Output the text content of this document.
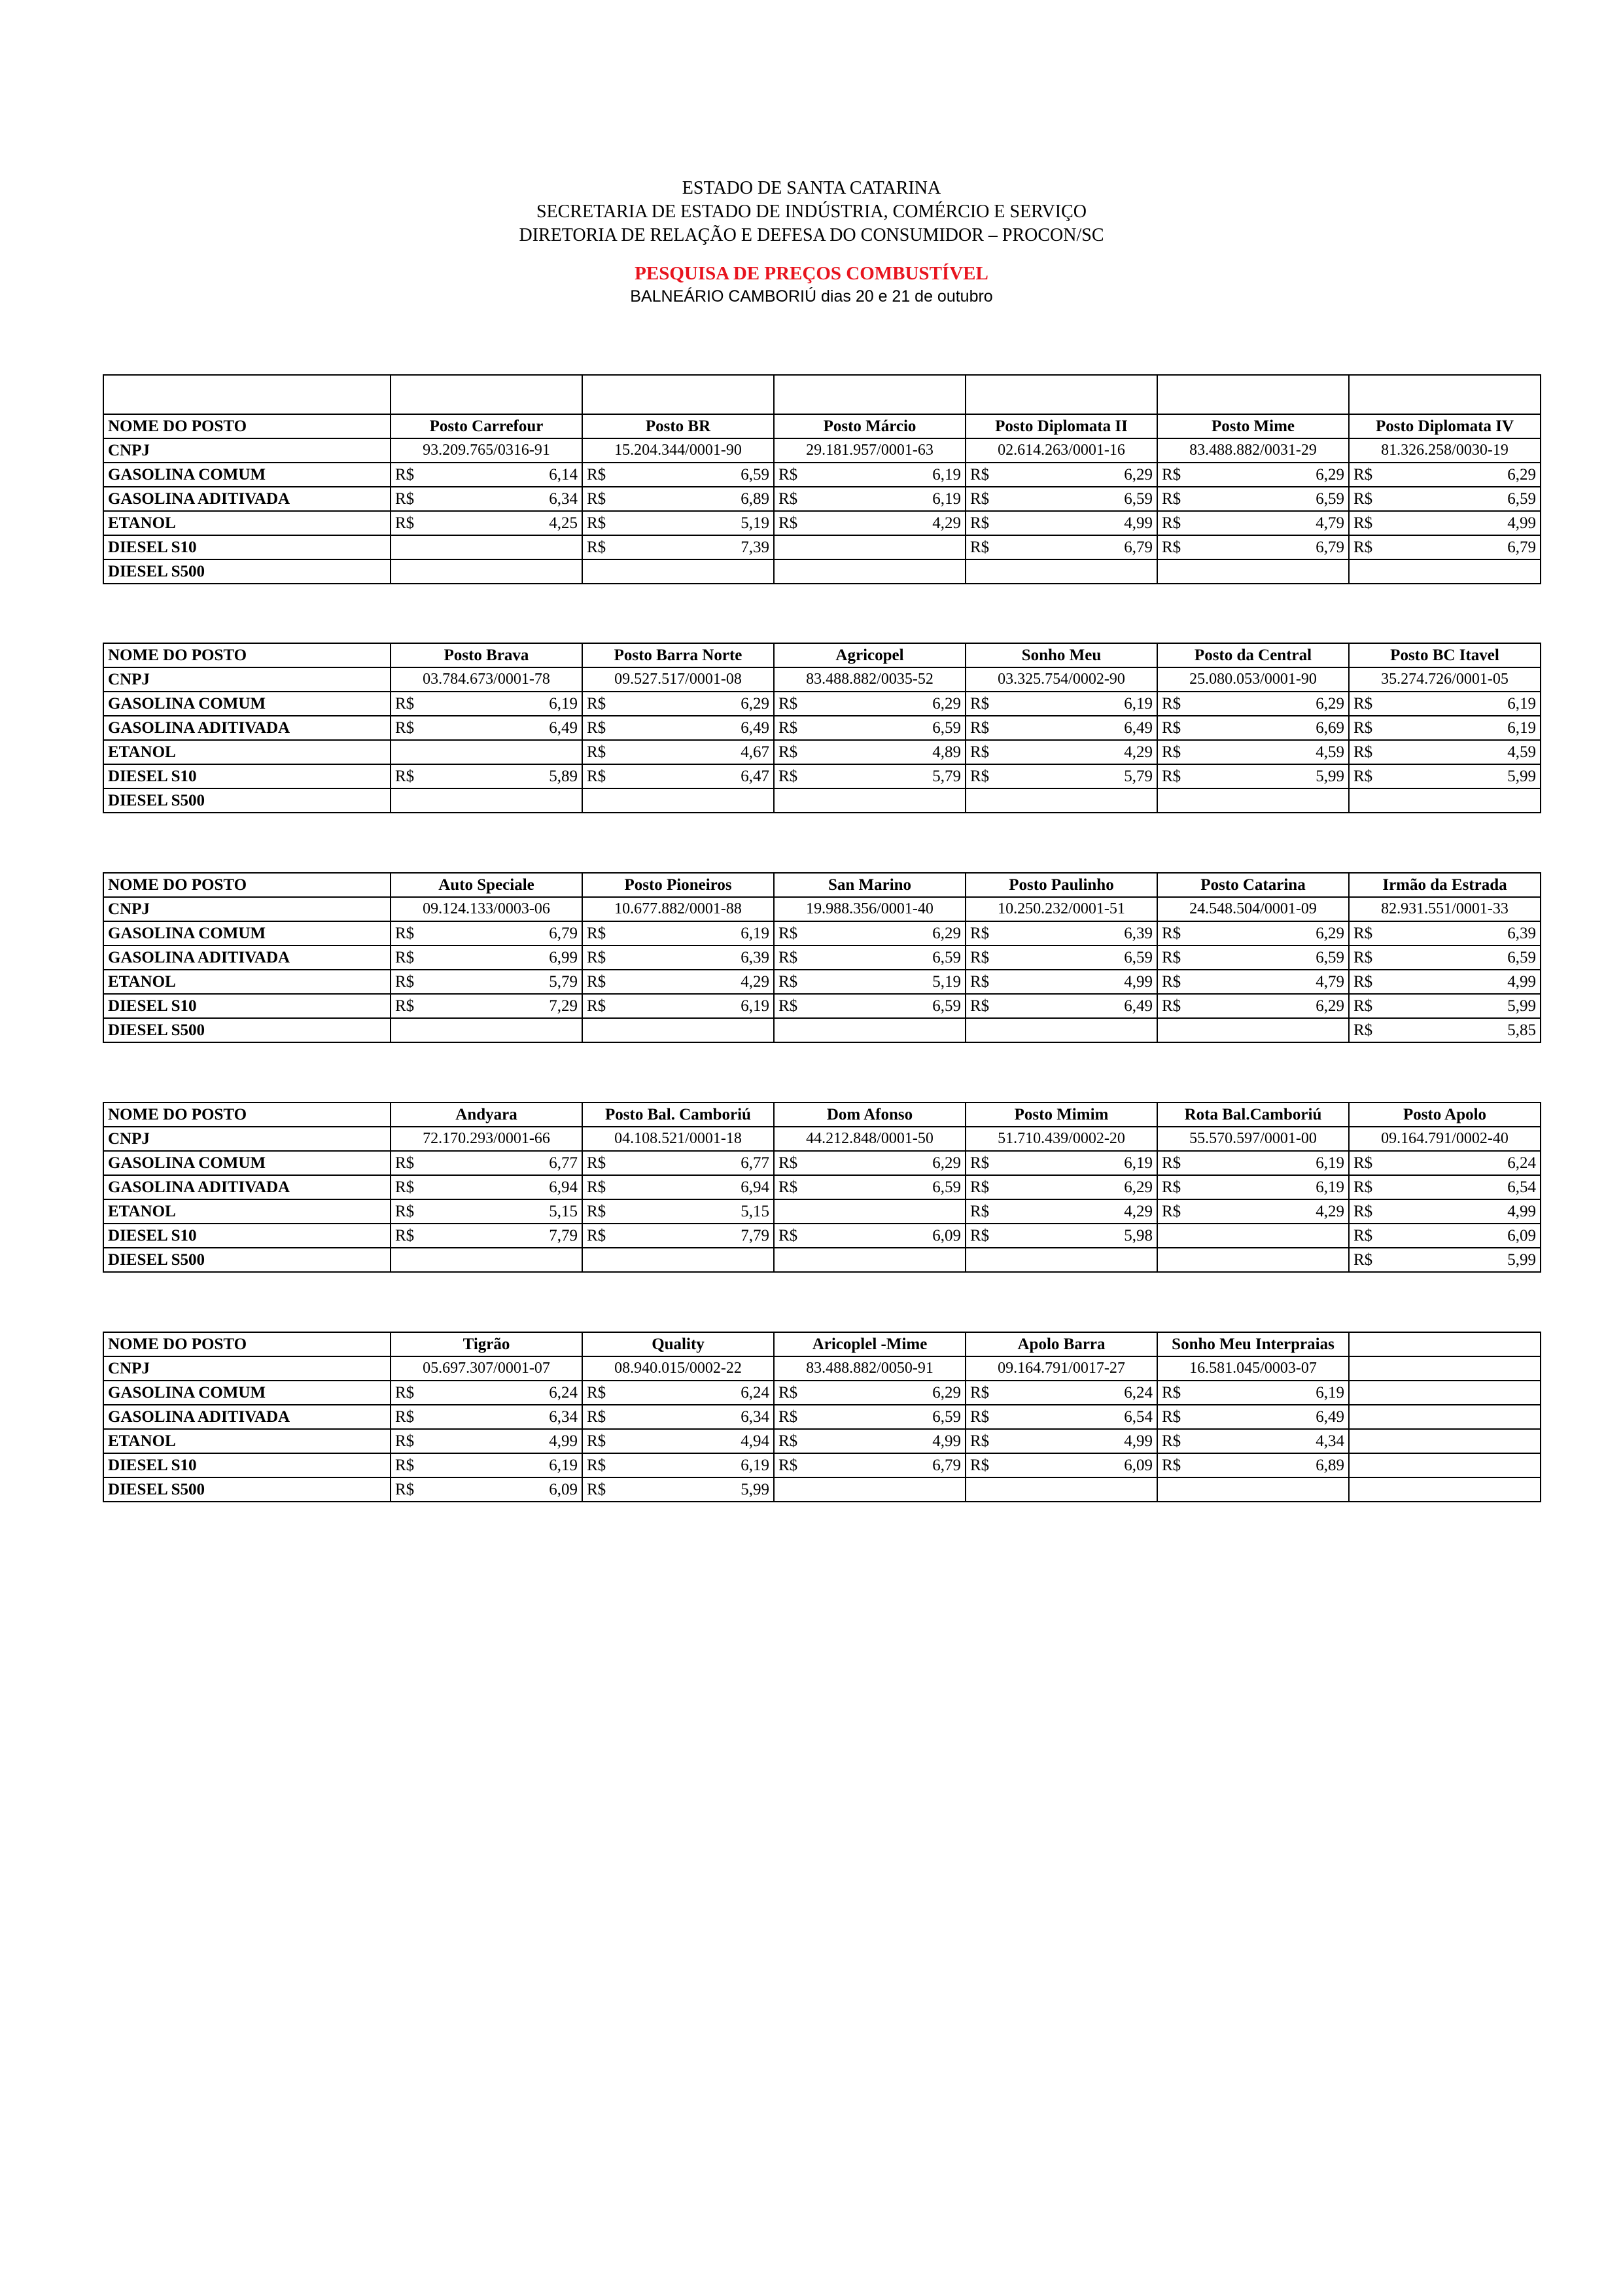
ESTADO DE SANTA CATARINA
SECRETARIA DE ESTADO DE INDÚSTRIA, COMÉRCIO E SERVIÇO
DIRETORIA DE RELAÇÃO E DEFESA DO CONSUMIDOR – PROCON/SC
PESQUISA DE PREÇOS COMBUSTÍVEL
BALNEÁRIO CAMBORIÚ dias 20 e 21 de outubro

NOME DO POSTO	Posto Carrefour	Posto BR	Posto Márcio	Posto Diplomata II	Posto Mime	Posto Diplomata IV
CNPJ	93.209.765/0316-91	15.204.344/0001-90	29.181.957/0001-63	02.614.263/0001-16	83.488.882/0031-29	81.326.258/0030-19
GASOLINA COMUM	R$ 6,14	R$ 6,59	R$ 6,19	R$ 6,29	R$ 6,29	R$ 6,29

GASOLINA ADITIVADA	R$ 6,34	R$ 6,89	R$ 6,19	R$ 6,59	R$ 6,59	R$ 6,59

ETANOL	R$ 4,25	R$ 5,19	R$ 4,29	R$ 4,99	R$ 4,79	R$ 4,99

DIESEL S10		R$ 7,39		R$ 6,79	R$ 6,79	R$ 6,79

DIESEL S500						
NOME DO POSTO	Posto Brava	Posto Barra Norte	Agricopel	Sonho Meu	Posto da Central	Posto BC Itavel
CNPJ	03.784.673/0001-78	09.527.517/0001-08	83.488.882/0035-52	03.325.754/0002-90	25.080.053/0001-90	35.274.726/0001-05
GASOLINA COMUM	R$ 6,19	R$ 6,29	R$ 6,29	R$ 6,19	R$ 6,29	R$ 6,19

GASOLINA ADITIVADA	R$ 6,49	R$ 6,49	R$ 6,59	R$ 6,49	R$ 6,69	R$ 6,19

ETANOL		R$ 4,67	R$ 4,89	R$ 4,29	R$ 4,59	R$ 4,59

DIESEL S10	R$ 5,89	R$ 6,47	R$ 5,79	R$ 5,79	R$ 5,99	R$ 5,99

DIESEL S500						
NOME DO POSTO	Auto Speciale	Posto Pioneiros	San Marino	Posto Paulinho	Posto Catarina	Irmão da Estrada
CNPJ	09.124.133/0003-06	10.677.882/0001-88	19.988.356/0001-40	10.250.232/0001-51	24.548.504/0001-09	82.931.551/0001-33
GASOLINA COMUM	R$ 6,79	R$ 6,19	R$ 6,29	R$ 6,39	R$ 6,29	R$ 6,39

GASOLINA ADITIVADA	R$ 6,99	R$ 6,39	R$ 6,59	R$ 6,59	R$ 6,59	R$ 6,59

ETANOL	R$ 5,79	R$ 4,29	R$ 5,19	R$ 4,99	R$ 4,79	R$ 4,99

DIESEL S10	R$ 7,29	R$ 6,19	R$ 6,59	R$ 6,49	R$ 6,29	R$ 5,99

DIESEL S500						R$ 5,85
NOME DO POSTO	Andyara	Posto Bal. Camboriú	Dom Afonso	Posto Mimim	Rota Bal.Camboriú	Posto Apolo
CNPJ	72.170.293/0001-66	04.108.521/0001-18	44.212.848/0001-50	51.710.439/0002-20	55.570.597/0001-00	09.164.791/0002-40
GASOLINA COMUM	R$ 6,77	R$ 6,77	R$ 6,29	R$ 6,19	R$ 6,19	R$ 6,24

GASOLINA ADITIVADA	R$ 6,94	R$ 6,94	R$ 6,59	R$ 6,29	R$ 6,19	R$ 6,54

ETANOL	R$ 5,15	R$ 5,15		R$ 4,29	R$ 4,29	R$ 4,99

DIESEL S10	R$ 7,79	R$ 7,79	R$ 6,09	R$ 5,98		R$ 6,09

DIESEL S500						R$ 5,99
NOME DO POSTO	Tigrão	Quality	Aricoplel -Mime	Apolo Barra	Sonho Meu Interpraias	
CNPJ	05.697.307/0001-07	08.940.015/0002-22	83.488.882/0050-91	09.164.791/0017-27	16.581.045/0003-07	
GASOLINA COMUM	R$ 6,24	R$ 6,24	R$ 6,29	R$ 6,24	R$ 6,19	

GASOLINA ADITIVADA	R$ 6,34	R$ 6,34	R$ 6,59	R$ 6,54	R$ 6,49	

ETANOL	R$ 4,99	R$ 4,94	R$ 4,99	R$ 4,99	R$ 4,34	

DIESEL S10	R$ 6,19	R$ 6,19	R$ 6,79	R$ 6,09	R$ 6,89	

DIESEL S500	R$ 6,09	R$ 5,99				
